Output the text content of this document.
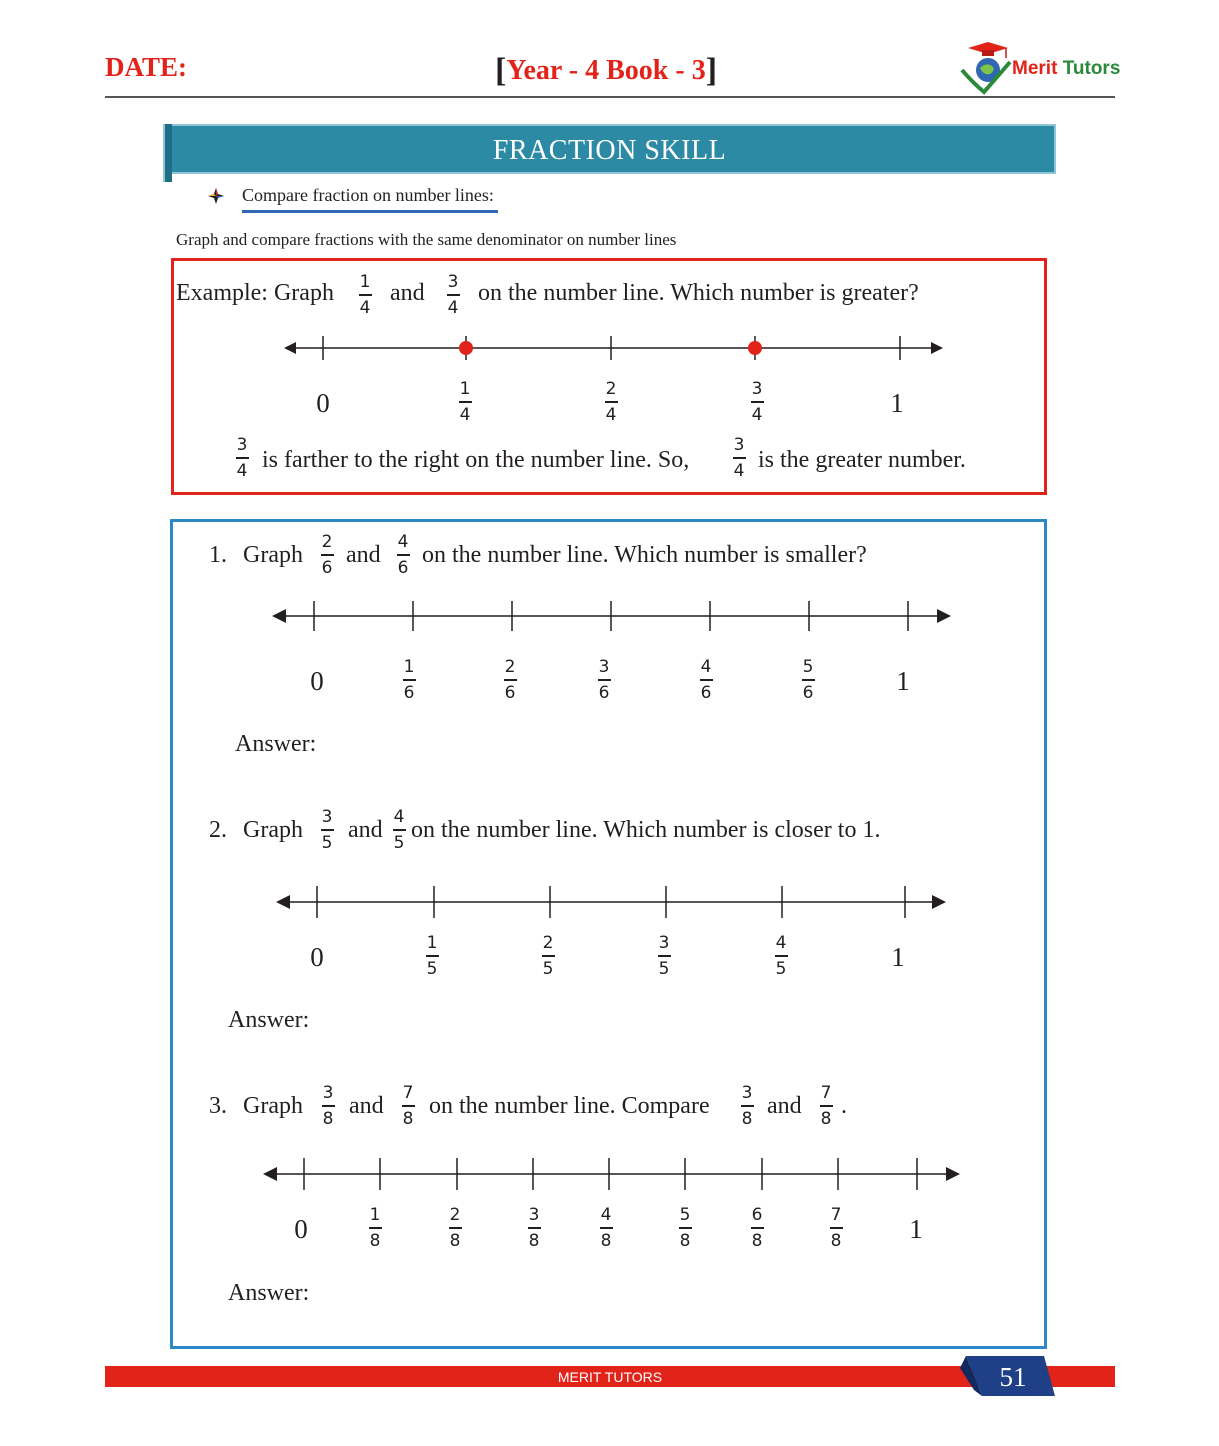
DATE:	[Year - 4 Book - 3]	Merit Tutors
FRACTION SKILL
Compare fraction on number lines:
Graph and compare fractions with the same denominator on number lines
Example: Graph	1
4
and	3
4
on the number line. Which number is greater?
0	1
4
2
4
3
4	1
3
4 is farther to the right on the number line. So,
3
4 is the greater number.
1. Graph	2
6 and 4
6 on the number line. Which number is smaller?
0	1
6
2
6
3
6
4
6
5
6	1
Answer:
2. Graph	3
5 and 4
5 on the number line. Which number is closer to 1.
0	1
5
2
5
3
5
4
5	1
Answer:
3. Graph	3
8 and	7
8 on the number line. Compare	3
8 and	7
8 .
0	1
8
2
8
3
8
4
8
5
8
6
8
7
8	1
Answer:
MERIT TUTORS	51
